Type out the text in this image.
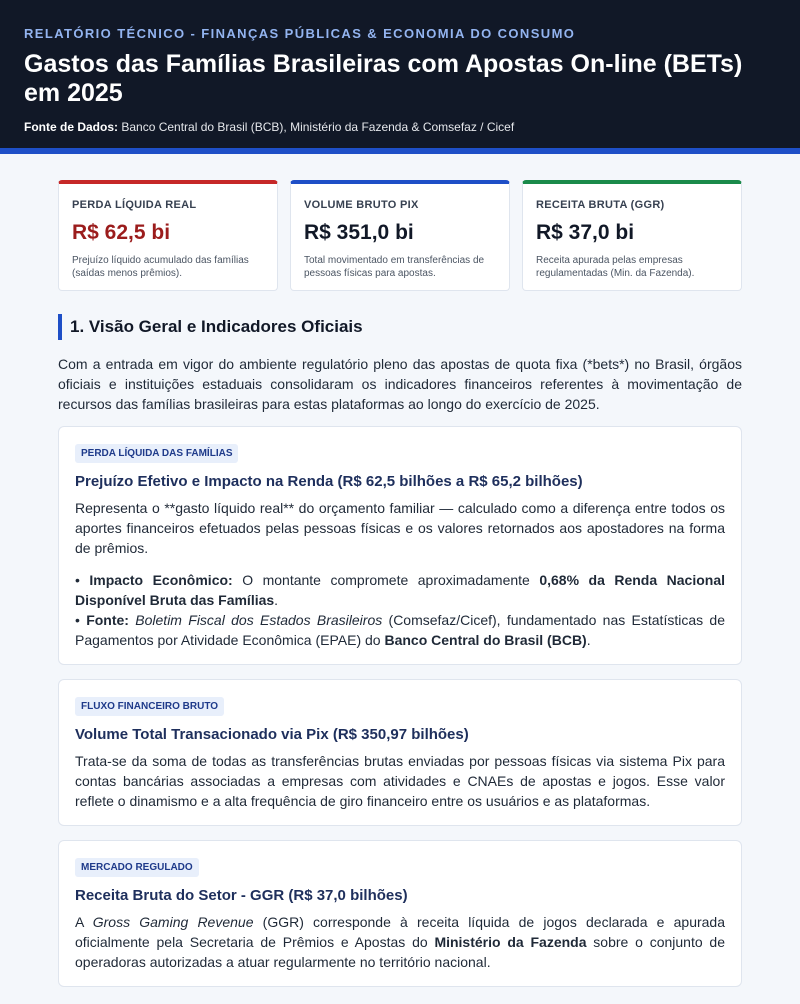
RELATÓRIO TÉCNICO - FINANÇAS PÚBLICAS & ECONOMIA DO CONSUMO
Gastos das Famílias Brasileiras com Apostas On-line (BETs) em 2025
Fonte de Dados: Banco Central do Brasil (BCB), Ministério da Fazenda & Comsefaz / Cicef
PERDA LÍQUIDA REAL
R$ 62,5 bi
Prejuízo líquido acumulado das famílias (saídas menos prêmios).
VOLUME BRUTO PIX
R$ 351,0 bi
Total movimentado em transferências de pessoas físicas para apostas.
RECEITA BRUTA (GGR)
R$ 37,0 bi
Receita apurada pelas empresas regulamentadas (Min. da Fazenda).
1. Visão Geral e Indicadores Oficiais
Com a entrada em vigor do ambiente regulatório pleno das apostas de quota fixa (*bets*) no Brasil, órgãos oficiais e instituições estaduais consolidaram os indicadores financeiros referentes à movimentação de recursos das famílias brasileiras para estas plataformas ao longo do exercício de 2025.
PERDA LÍQUIDA DAS FAMÍLIAS
Prejuízo Efetivo e Impacto na Renda (R$ 62,5 bilhões a R$ 65,2 bilhões)
Representa o **gasto líquido real** do orçamento familiar — calculado como a diferença entre todos os aportes financeiros efetuados pelas pessoas físicas e os valores retornados aos apostadores na forma de prêmios.
• Impacto Econômico: O montante compromete aproximadamente 0,68% da Renda Nacional Disponível Bruta das Famílias.
• Fonte: Boletim Fiscal dos Estados Brasileiros (Comsefaz/Cicef), fundamentado nas Estatísticas de Pagamentos por Atividade Econômica (EPAE) do Banco Central do Brasil (BCB).
FLUXO FINANCEIRO BRUTO
Volume Total Transacionado via Pix (R$ 350,97 bilhões)
Trata-se da soma de todas as transferências brutas enviadas por pessoas físicas via sistema Pix para contas bancárias associadas a empresas com atividades e CNAEs de apostas e jogos. Esse valor reflete o dinamismo e a alta frequência de giro financeiro entre os usuários e as plataformas.
MERCADO REGULADO
Receita Bruta do Setor - GGR (R$ 37,0 bilhões)
A Gross Gaming Revenue (GGR) corresponde à receita líquida de jogos declarada e apurada oficialmente pela Secretaria de Prêmios e Apostas do Ministério da Fazenda sobre o conjunto de operadoras autorizadas a atuar regularmente no território nacional.
